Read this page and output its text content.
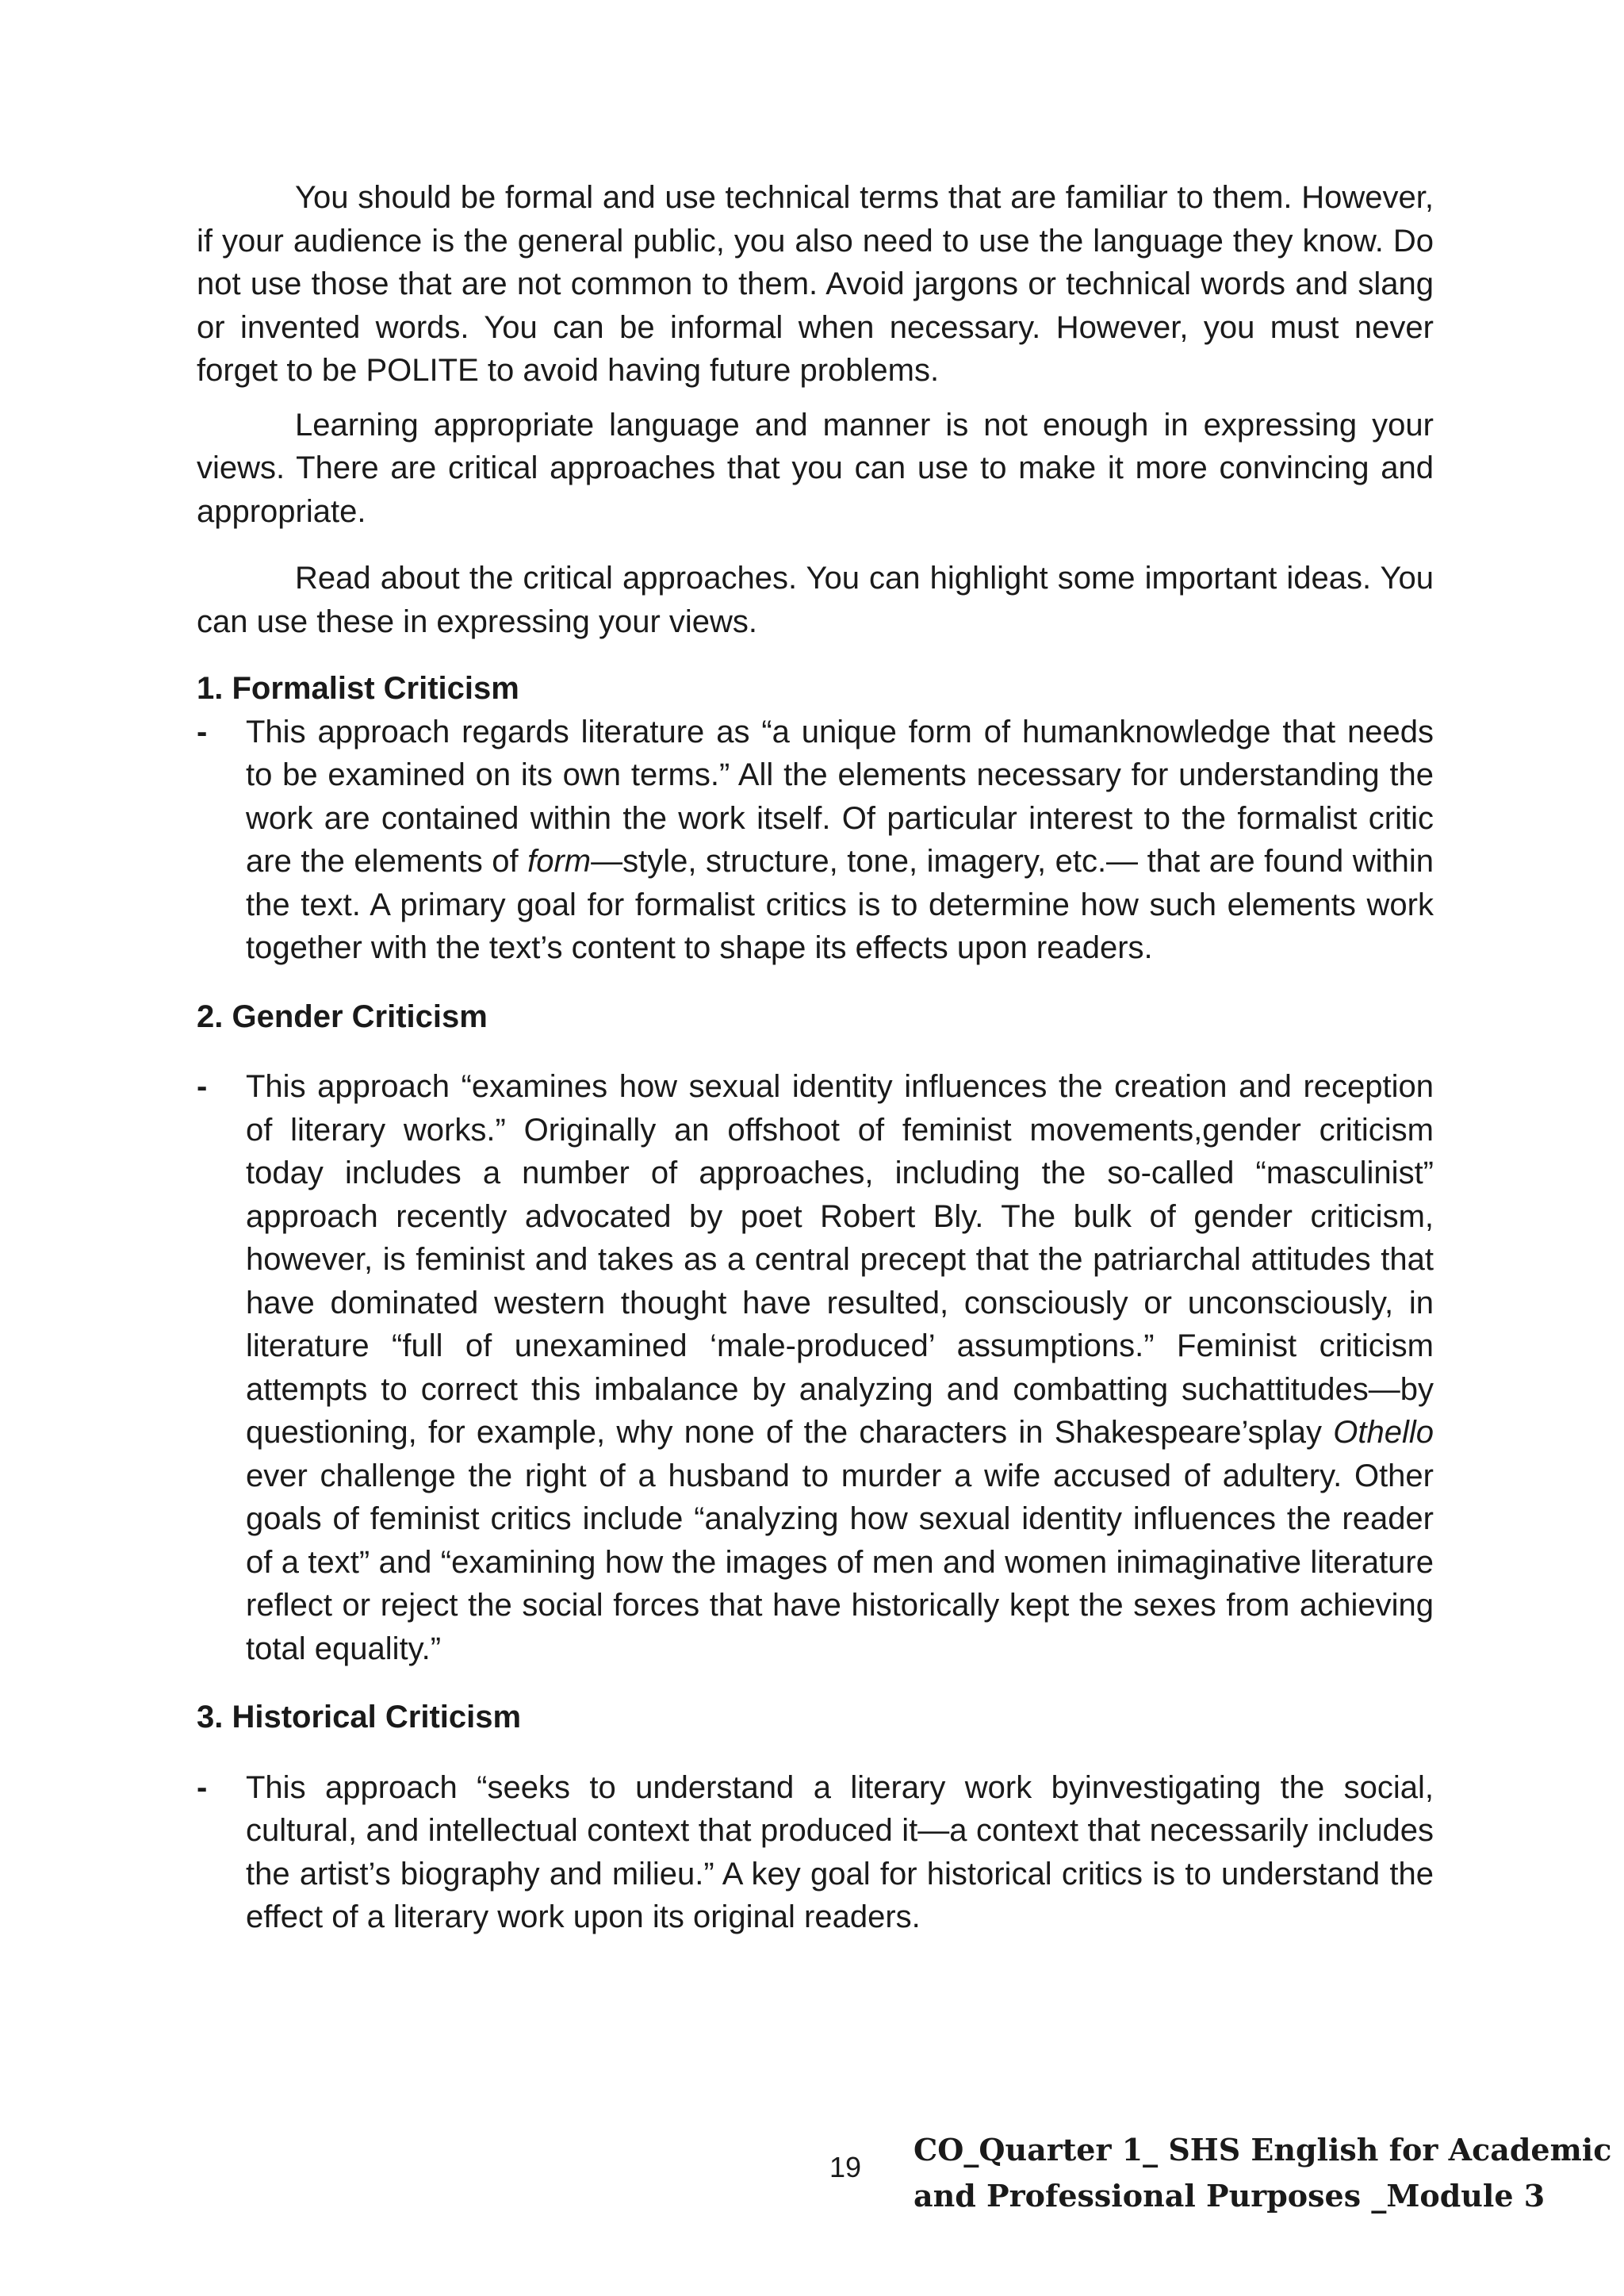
You should be formal and use technical terms that are familiar to them. However, if your audience is the general public, you also need to use the language they know. Do not use those that are not common to them. Avoid jargons or technical words and slang or invented words. You can be informal when necessary. However, you must never forget to be POLITE to avoid having future problems.

Learning appropriate language and manner is not enough in expressing your views. There are critical approaches that you can use to make it more convincing and appropriate.

Read about the critical approaches. You can highlight some important ideas. You can use these in expressing your views.

1. Formalist Criticism
- This approach regards literature as “a unique form of humanknowledge that needs to be examined on its own terms.” All the elements necessary for understanding the work are contained within the work itself. Of particular interest to the formalist critic are the elements of form—style, structure, tone, imagery, etc.— that are found within the text. A primary goal for formalist critics is to determine how such elements work together with the text’s content to shape its effects upon readers.
2. Gender Criticism
- This approach “examines how sexual identity influences the creation and reception of literary works.” Originally an offshoot of feminist movements,gender criticism today includes a number of approaches, including the so-called “masculinist” approach recently advocated by poet Robert Bly. The bulk of gender criticism, however, is feminist and takes as a central precept that the patriarchal attitudes that have dominated western thought have resulted, consciously or unconsciously, in literature “full of unexamined ‘male-produced’ assumptions.” Feminist criticism attempts to correct this imbalance by analyzing and combatting suchattitudes—by questioning, for example, why none of the characters in Shakespeare’splay Othello ever challenge the right of a husband to murder a wife accused of adultery. Other goals of feminist critics include “analyzing how sexual identity influences the reader of a text” and “examining how the images of men and women inimaginative literature reflect or reject the social forces that have historically kept the sexes from achieving total equality.”
3. Historical Criticism
- This approach “seeks to understand a literary work byinvestigating the social, cultural, and intellectual context that produced it—a context that necessarily includes the artist’s biography and milieu.” A key goal for historical critics is to understand the effect of a literary work upon its original readers.
19 CO_Quarter 1_ SHS English for Academic
and Professional Purposes _Module 3
